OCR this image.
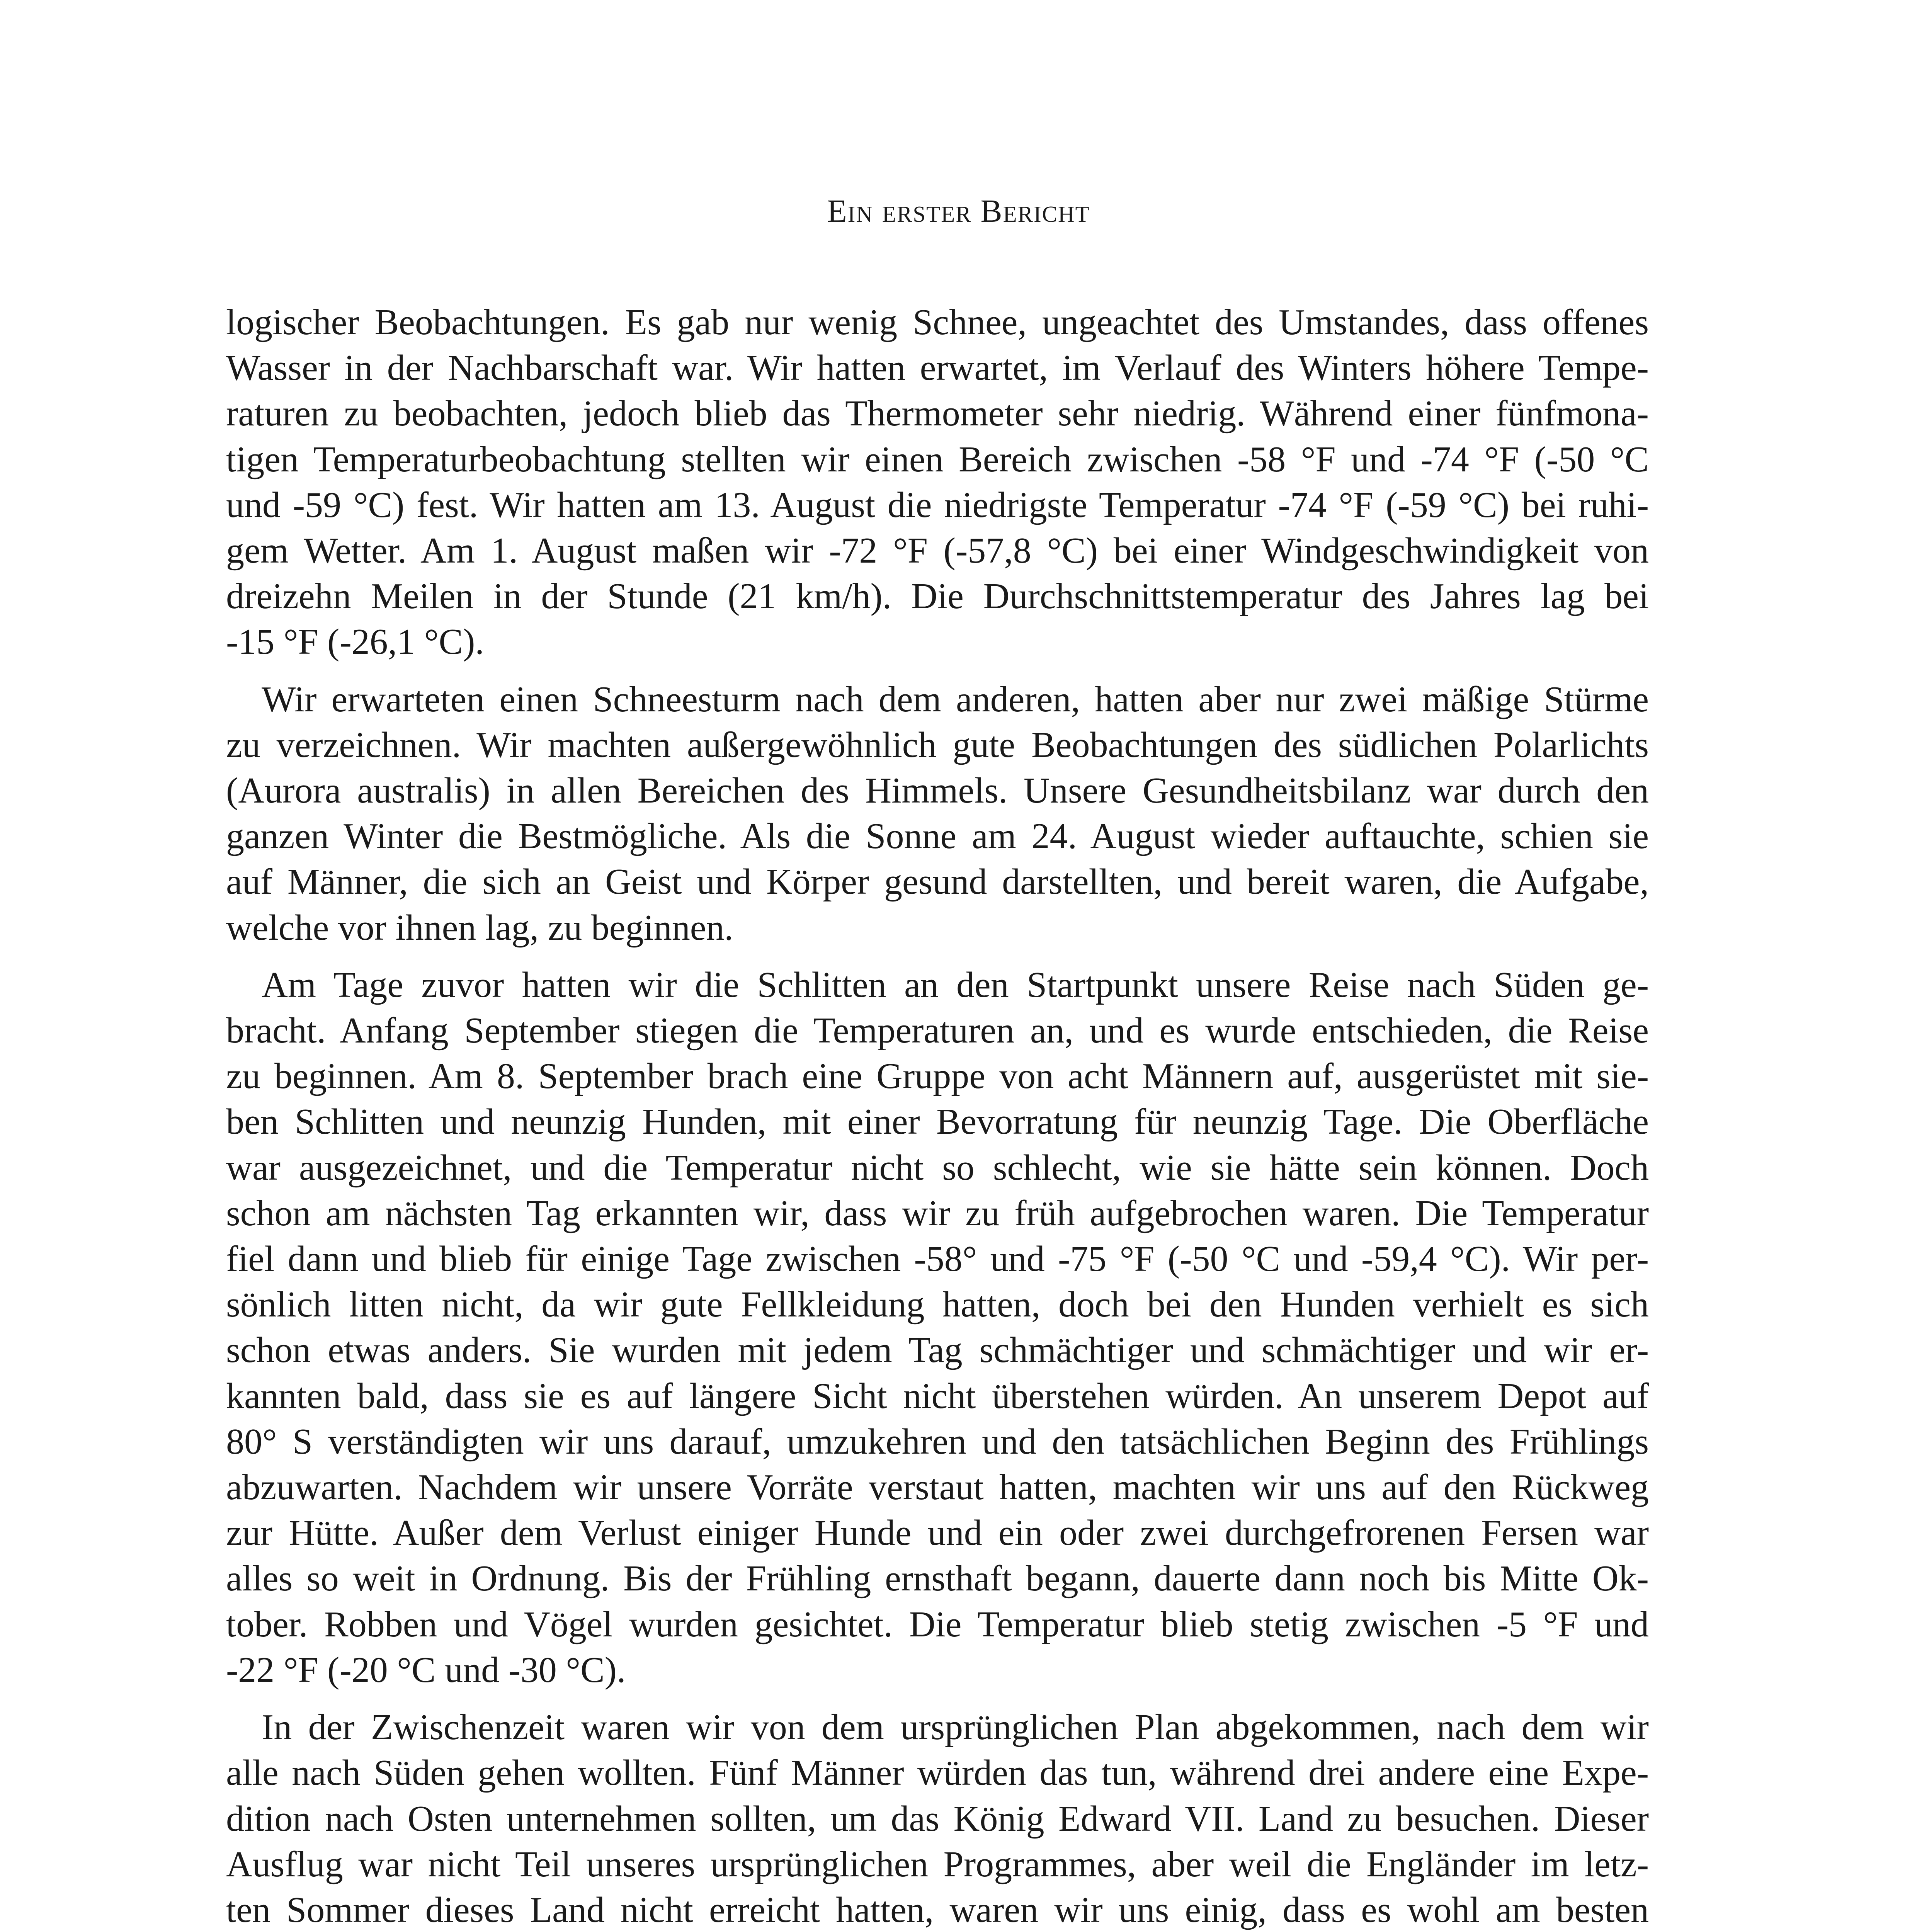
Ein erster Bericht

logischer Beobachtungen. Es gab nur wenig Schnee, ungeachtet des Umstandes, dass offenes
Wasser in der Nachbarschaft war. Wir hatten erwartet, im Verlauf des Winters höhere Tempe-
raturen zu beobachten, jedoch blieb das Thermometer sehr niedrig. Während einer fünfmona-
tigen Temperaturbeobachtung stellten wir einen Bereich zwischen -58 °F und -74 °F (-50 °C
und -59 °C) fest. Wir hatten am 13. August die niedrigste Temperatur -74 °F (-59 °C) bei ruhi-
gem Wetter. Am 1. August maßen wir -72 °F (-57,8 °C) bei einer Windgeschwindigkeit von
dreizehn Meilen in der Stunde (21 km/h). Die Durchschnittstemperatur des Jahres lag bei
-15 °F (-26,1 °C).

Wir erwarteten einen Schneesturm nach dem anderen, hatten aber nur zwei mäßige Stürme
zu verzeichnen. Wir machten außergewöhnlich gute Beobachtungen des südlichen Polarlichts
(Aurora australis) in allen Bereichen des Himmels. Unsere Gesundheitsbilanz war durch den
ganzen Winter die Bestmögliche. Als die Sonne am 24. August wieder auftauchte, schien sie
auf Männer, die sich an Geist und Körper gesund darstellten, und bereit waren, die Aufgabe,
welche vor ihnen lag, zu beginnen.

Am Tage zuvor hatten wir die Schlitten an den Startpunkt unsere Reise nach Süden ge-
bracht. Anfang September stiegen die Temperaturen an, und es wurde entschieden, die Reise
zu beginnen. Am 8. September brach eine Gruppe von acht Männern auf, ausgerüstet mit sie-
ben Schlitten und neunzig Hunden, mit einer Bevorratung für neunzig Tage. Die Oberfläche
war ausgezeichnet, und die Temperatur nicht so schlecht, wie sie hätte sein können. Doch
schon am nächsten Tag erkannten wir, dass wir zu früh aufgebrochen waren. Die Temperatur
fiel dann und blieb für einige Tage zwischen -58° und -75 °F (-50 °C und -59,4 °C). Wir per-
sönlich litten nicht, da wir gute Fellkleidung hatten, doch bei den Hunden verhielt es sich
schon etwas anders. Sie wurden mit jedem Tag schmächtiger und schmächtiger und wir er-
kannten bald, dass sie es auf längere Sicht nicht überstehen würden. An unserem Depot auf
80° S verständigten wir uns darauf, umzukehren und den tatsächlichen Beginn des Frühlings
abzuwarten. Nachdem wir unsere Vorräte verstaut hatten, machten wir uns auf den Rückweg
zur Hütte. Außer dem Verlust einiger Hunde und ein oder zwei durchgefrorenen Fersen war
alles so weit in Ordnung. Bis der Frühling ernsthaft begann, dauerte dann noch bis Mitte Ok-
tober. Robben und Vögel wurden gesichtet. Die Temperatur blieb stetig zwischen -5 °F und
-22 °F (-20 °C und -30 °C).

In der Zwischenzeit waren wir von dem ursprünglichen Plan abgekommen, nach dem wir
alle nach Süden gehen wollten. Fünf Männer würden das tun, während drei andere eine Expe-
dition nach Osten unternehmen sollten, um das König Edward VII. Land zu besuchen. Dieser
Ausflug war nicht Teil unseres ursprünglichen Programmes, aber weil die Engländer im letz-
ten Sommer dieses Land nicht erreicht hatten, waren wir uns einig, dass es wohl am besten
